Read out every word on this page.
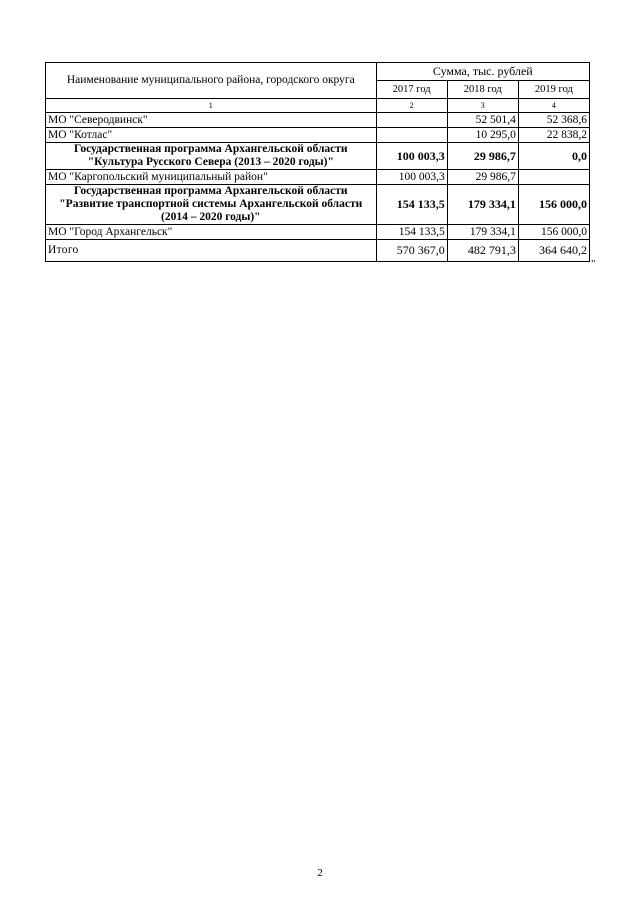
Наименование муниципального района, городского округа	Сумма, тыс. рублей		
	2017 год	2018 год	2019 год
1	2	3	4
МО "Северодвинск"		52 501,4	52 368,6
МО "Котлас"		10 295,0	22 838,2
Государственная программа Архангельской области "Культура Русского Севера (2013 – 2020 годы)"	100 003,3	29 986,7	0,0
МО "Каргопольский муниципальный район"	100 003,3	29 986,7	
Государственная программа Архангельской области "Развитие транспортной системы Архангельской области (2014 – 2020 годы)"	154 133,5	179 334,1	156 000,0
МО "Город Архангельск"	154 133,5	179 334,1	156 000,0
Итого	570 367,0	482 791,3	364 640,2
"
2
